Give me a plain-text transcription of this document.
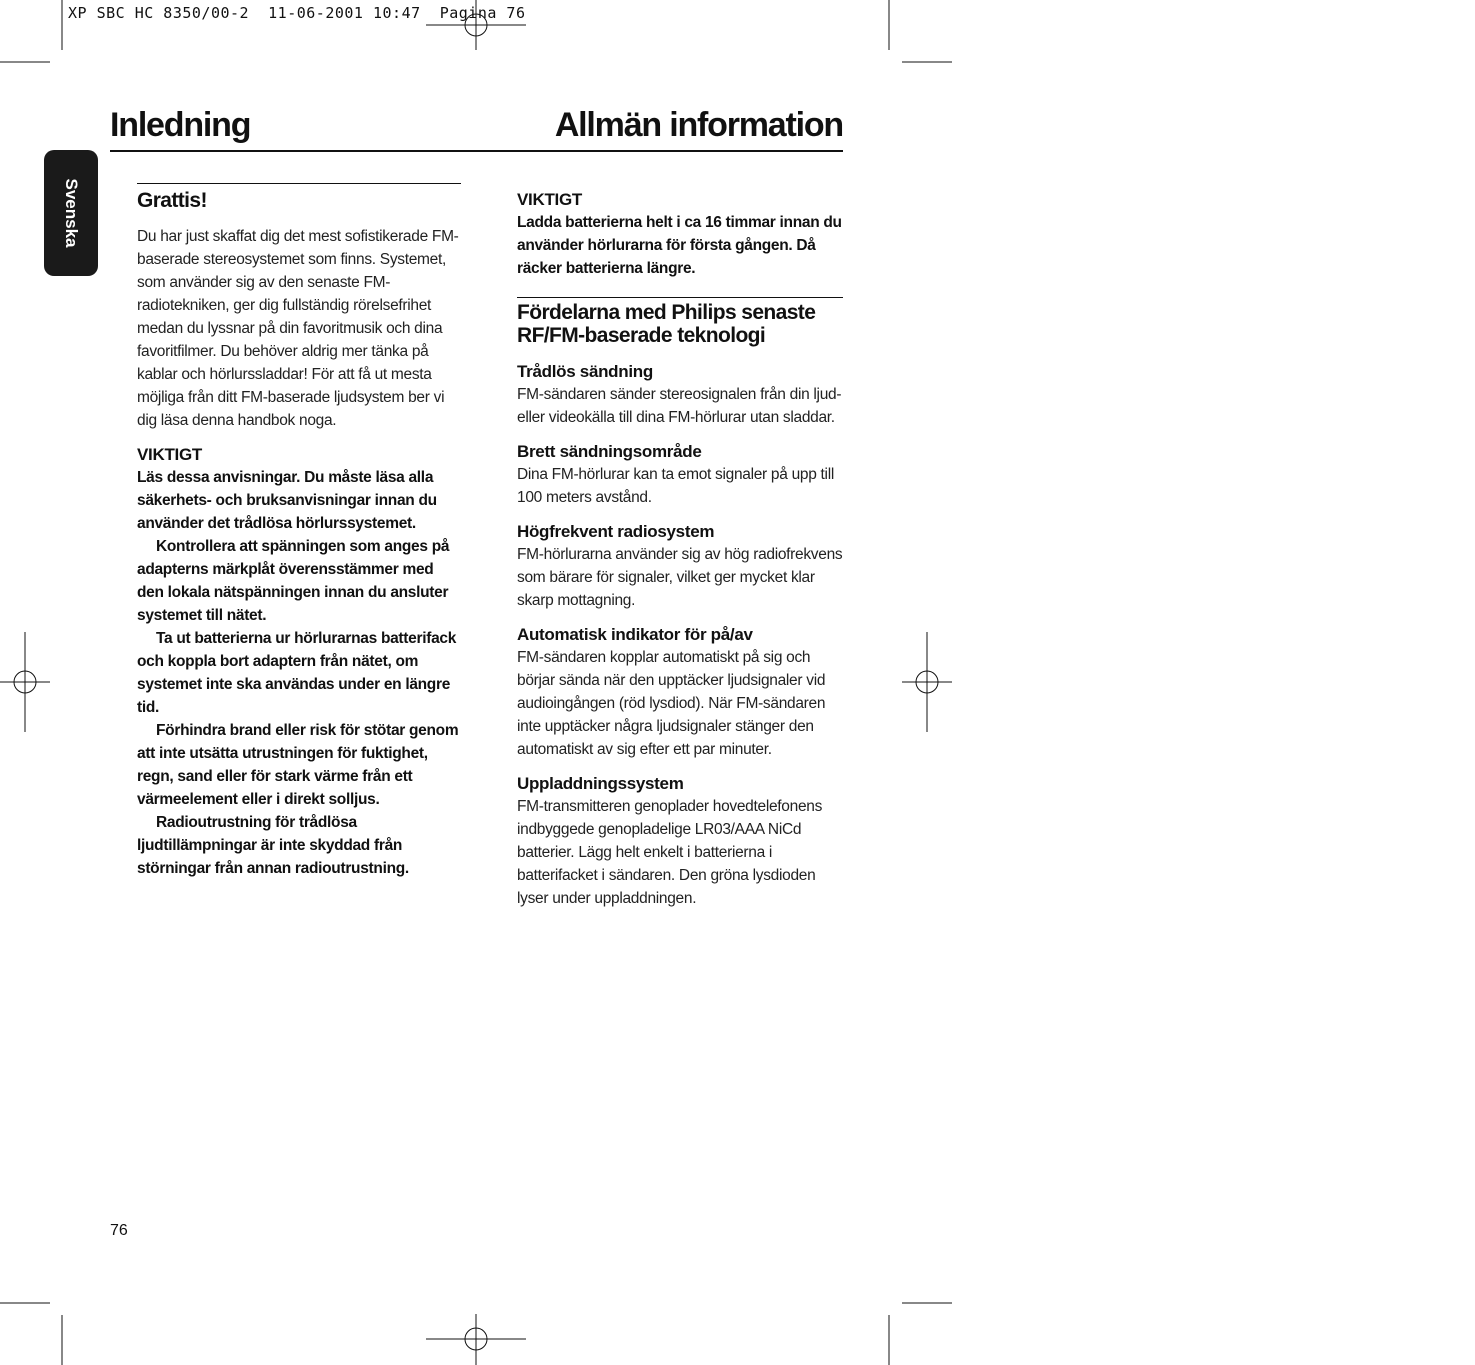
XP SBC HC 8350/00-2  11-06-2001 10:47  Pagina 76
Inledning	Allmän information
Svenska	Grattis!

Du har just skaffat dig det mest sofistikerade FM-baserade stereosystemet som finns. Systemet, som använder sig av den senaste FM-radiotekniken, ger dig fullständig rörelsefrihet medan du lyssnar på din favoritmusik och dina favoritfilmer. Du behöver aldrig mer tänka på kablar och hörlurssladdar! För att få ut mesta möjliga från ditt FM-baserade ljudsystem ber vi dig läsa denna handbok noga.

VIKTIGT

Läs dessa anvisningar. Du måste läsa alla säkerhets- och bruksanvisningar innan du använder det trådlösa hörlurssystemet.

Kontrollera att spänningen som anges på adapterns märkplåt överensstämmer med den lokala nätspänningen innan du ansluter systemet till nätet.

Ta ut batterierna ur hörlurarnas batterifack och koppla bort adaptern från nätet, om systemet inte ska användas under en längre tid.

Förhindra brand eller risk för stötar genom att inte utsätta utrustningen för fuktighet, regn, sand eller för stark värme från ett värmeelement eller i direkt solljus.

Radioutrustning för trådlösa ljudtillämpningar är inte skyddad från störningar från annan radioutrustning.

VIKTIGT

Ladda batterierna helt i ca 16 timmar innan du använder hörlurarna för första gången. Då räcker batterierna längre.

Fördelarna med Philips senaste RF/FM-baserade teknologi

Trådlös sändning

FM-sändaren sänder stereosignalen från din ljud- eller videokälla till dina FM-hörlurar utan sladdar.

Brett sändningsområde

Dina FM-hörlurar kan ta emot signaler på upp till 100 meters avstånd.

Högfrekvent radiosystem

FM-hörlurarna använder sig av hög radiofrekvens som bärare för signaler, vilket ger mycket klar skarp mottagning.

Automatisk indikator för på/av

FM-sändaren kopplar automatiskt på sig och börjar sända när den upptäcker ljudsignaler vid audioingången (röd lysdiod). När FM-sändaren inte upptäcker några ljudsignaler stänger den automatiskt av sig efter ett par minuter.

Uppladdningssystem

FM-transmitteren genoplader hovedtelefonens indbyggede genopladelige LR03/AAA NiCd batterier. Lägg helt enkelt i batterierna i batterifacket i sändaren. Den gröna lysdioden lyser under uppladdningen.

76
